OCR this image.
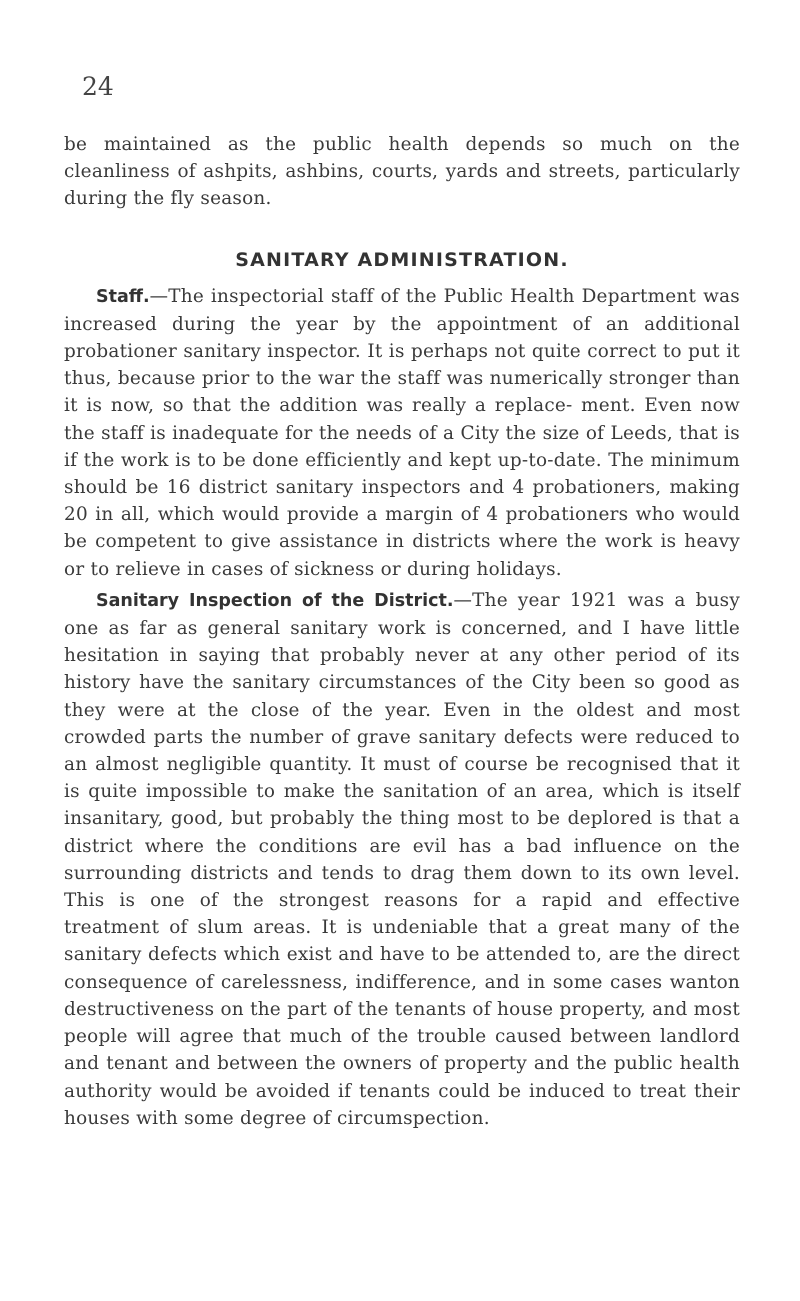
24

be maintained as the public health depends so much on the cleanliness of ashpits, ashbins, courts, yards and streets, particularly during the fly season.

SANITARY ADMINISTRATION.

Staff.—The inspectorial staff of the Public Health Department was increased during the year by the appointment of an additional probationer sanitary inspector. It is perhaps not quite correct to put it thus, because prior to the war the staff was numerically stronger than it is now, so that the addition was really a replace- ment. Even now the staff is inadequate for the needs of a City the size of Leeds, that is if the work is to be done efficiently and kept up-to-date. The minimum should be 16 district sanitary inspectors and 4 probationers, making 20 in all, which would provide a margin of 4 probationers who would be competent to give assistance in districts where the work is heavy or to relieve in cases of sickness or during holidays.

Sanitary Inspection of the District.—The year 1921 was a busy one as far as general sanitary work is concerned, and I have little hesitation in saying that probably never at any other period of its history have the sanitary circumstances of the City been so good as they were at the close of the year. Even in the oldest and most crowded parts the number of grave sanitary defects were reduced to an almost negligible quantity. It must of course be recognised that it is quite impossible to make the sanitation of an area, which is itself insanitary, good, but probably the thing most to be deplored is that a district where the conditions are evil has a bad influence on the surrounding districts and tends to drag them down to its own level. This is one of the strongest reasons for a rapid and effective treatment of slum areas. It is undeniable that a great many of the sanitary defects which exist and have to be attended to, are the direct consequence of carelessness, indifference, and in some cases wanton destructiveness on the part of the tenants of house property, and most people will agree that much of the trouble caused between landlord and tenant and between the owners of property and the public health authority would be avoided if tenants could be induced to treat their houses with some degree of circumspection.
